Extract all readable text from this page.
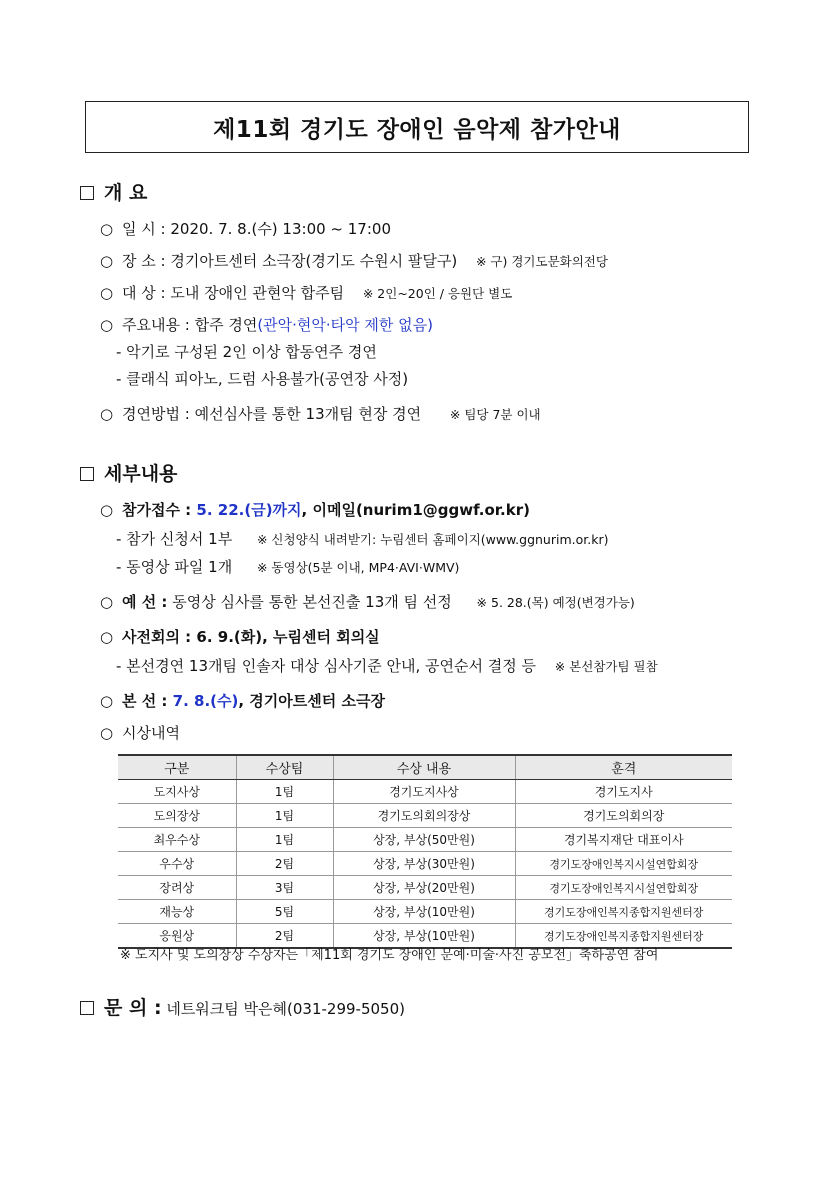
제11회 경기도 장애인 음악제 참가안내
개 요
○ 일 시 : 2020. 7. 8.(수) 13:00 ~ 17:00
○ 장 소 : 경기아트센터 소극장(경기도 수원시 팔달구) ※ 구) 경기도문화의전당
○ 대 상 : 도내 장애인 관현악 합주팀 ※ 2인~20인 / 응원단 별도
○ 주요내용 : 합주 경연(관악·현악·타악 제한 없음)
- 악기로 구성된 2인 이상 합동연주 경연
- 클래식 피아노, 드럼 사용불가(공연장 사정)
○ 경연방법 : 예선심사를 통한 13개팀 현장 경연 ※ 팀당 7분 이내
세부내용
○ 참가접수 : 5. 22.(금)까지, 이메일(nurim1@ggwf.or.kr)
- 참가 신청서 1부 ※ 신청양식 내려받기: 누림센터 홈페이지(www.ggnurim.or.kr)
- 동영상 파일 1개 ※ 동영상(5분 이내, MP4·AVI·WMV)
○ 예 선 : 동영상 심사를 통한 본선진출 13개 팀 선정 ※ 5. 28.(목) 예정(변경가능)
○ 사전회의 : 6. 9.(화), 누림센터 회의실
- 본선경연 13개팀 인솔자 대상 심사기준 안내, 공연순서 결정 등 ※ 본선참가팀 필참
○ 본 선 : 7. 8.(수), 경기아트센터 소극장
○ 시상내역
구분	수상팀	수상 내용	훈격
도지사상	1팀	경기도지사상	경기도지사
도의장상	1팀	경기도의회의장상	경기도의회의장
최우수상	1팀	상장, 부상(50만원)	경기복지재단 대표이사
우수상	2팀	상장, 부상(30만원)	경기도장애인복지시설연합회장
장려상	3팀	상장, 부상(20만원)	경기도장애인복지시설연합회장
재능상	5팀	상장, 부상(10만원)	경기도장애인복지종합지원센터장
응원상	2팀	상장, 부상(10만원)	경기도장애인복지종합지원센터장
※ 도지사 및 도의장상 수상자는「제11회 경기도 장애인 문예·미술·사진 공모전」축하공연 참여
문 의 : 네트워크팀 박은혜(031-299-5050)
